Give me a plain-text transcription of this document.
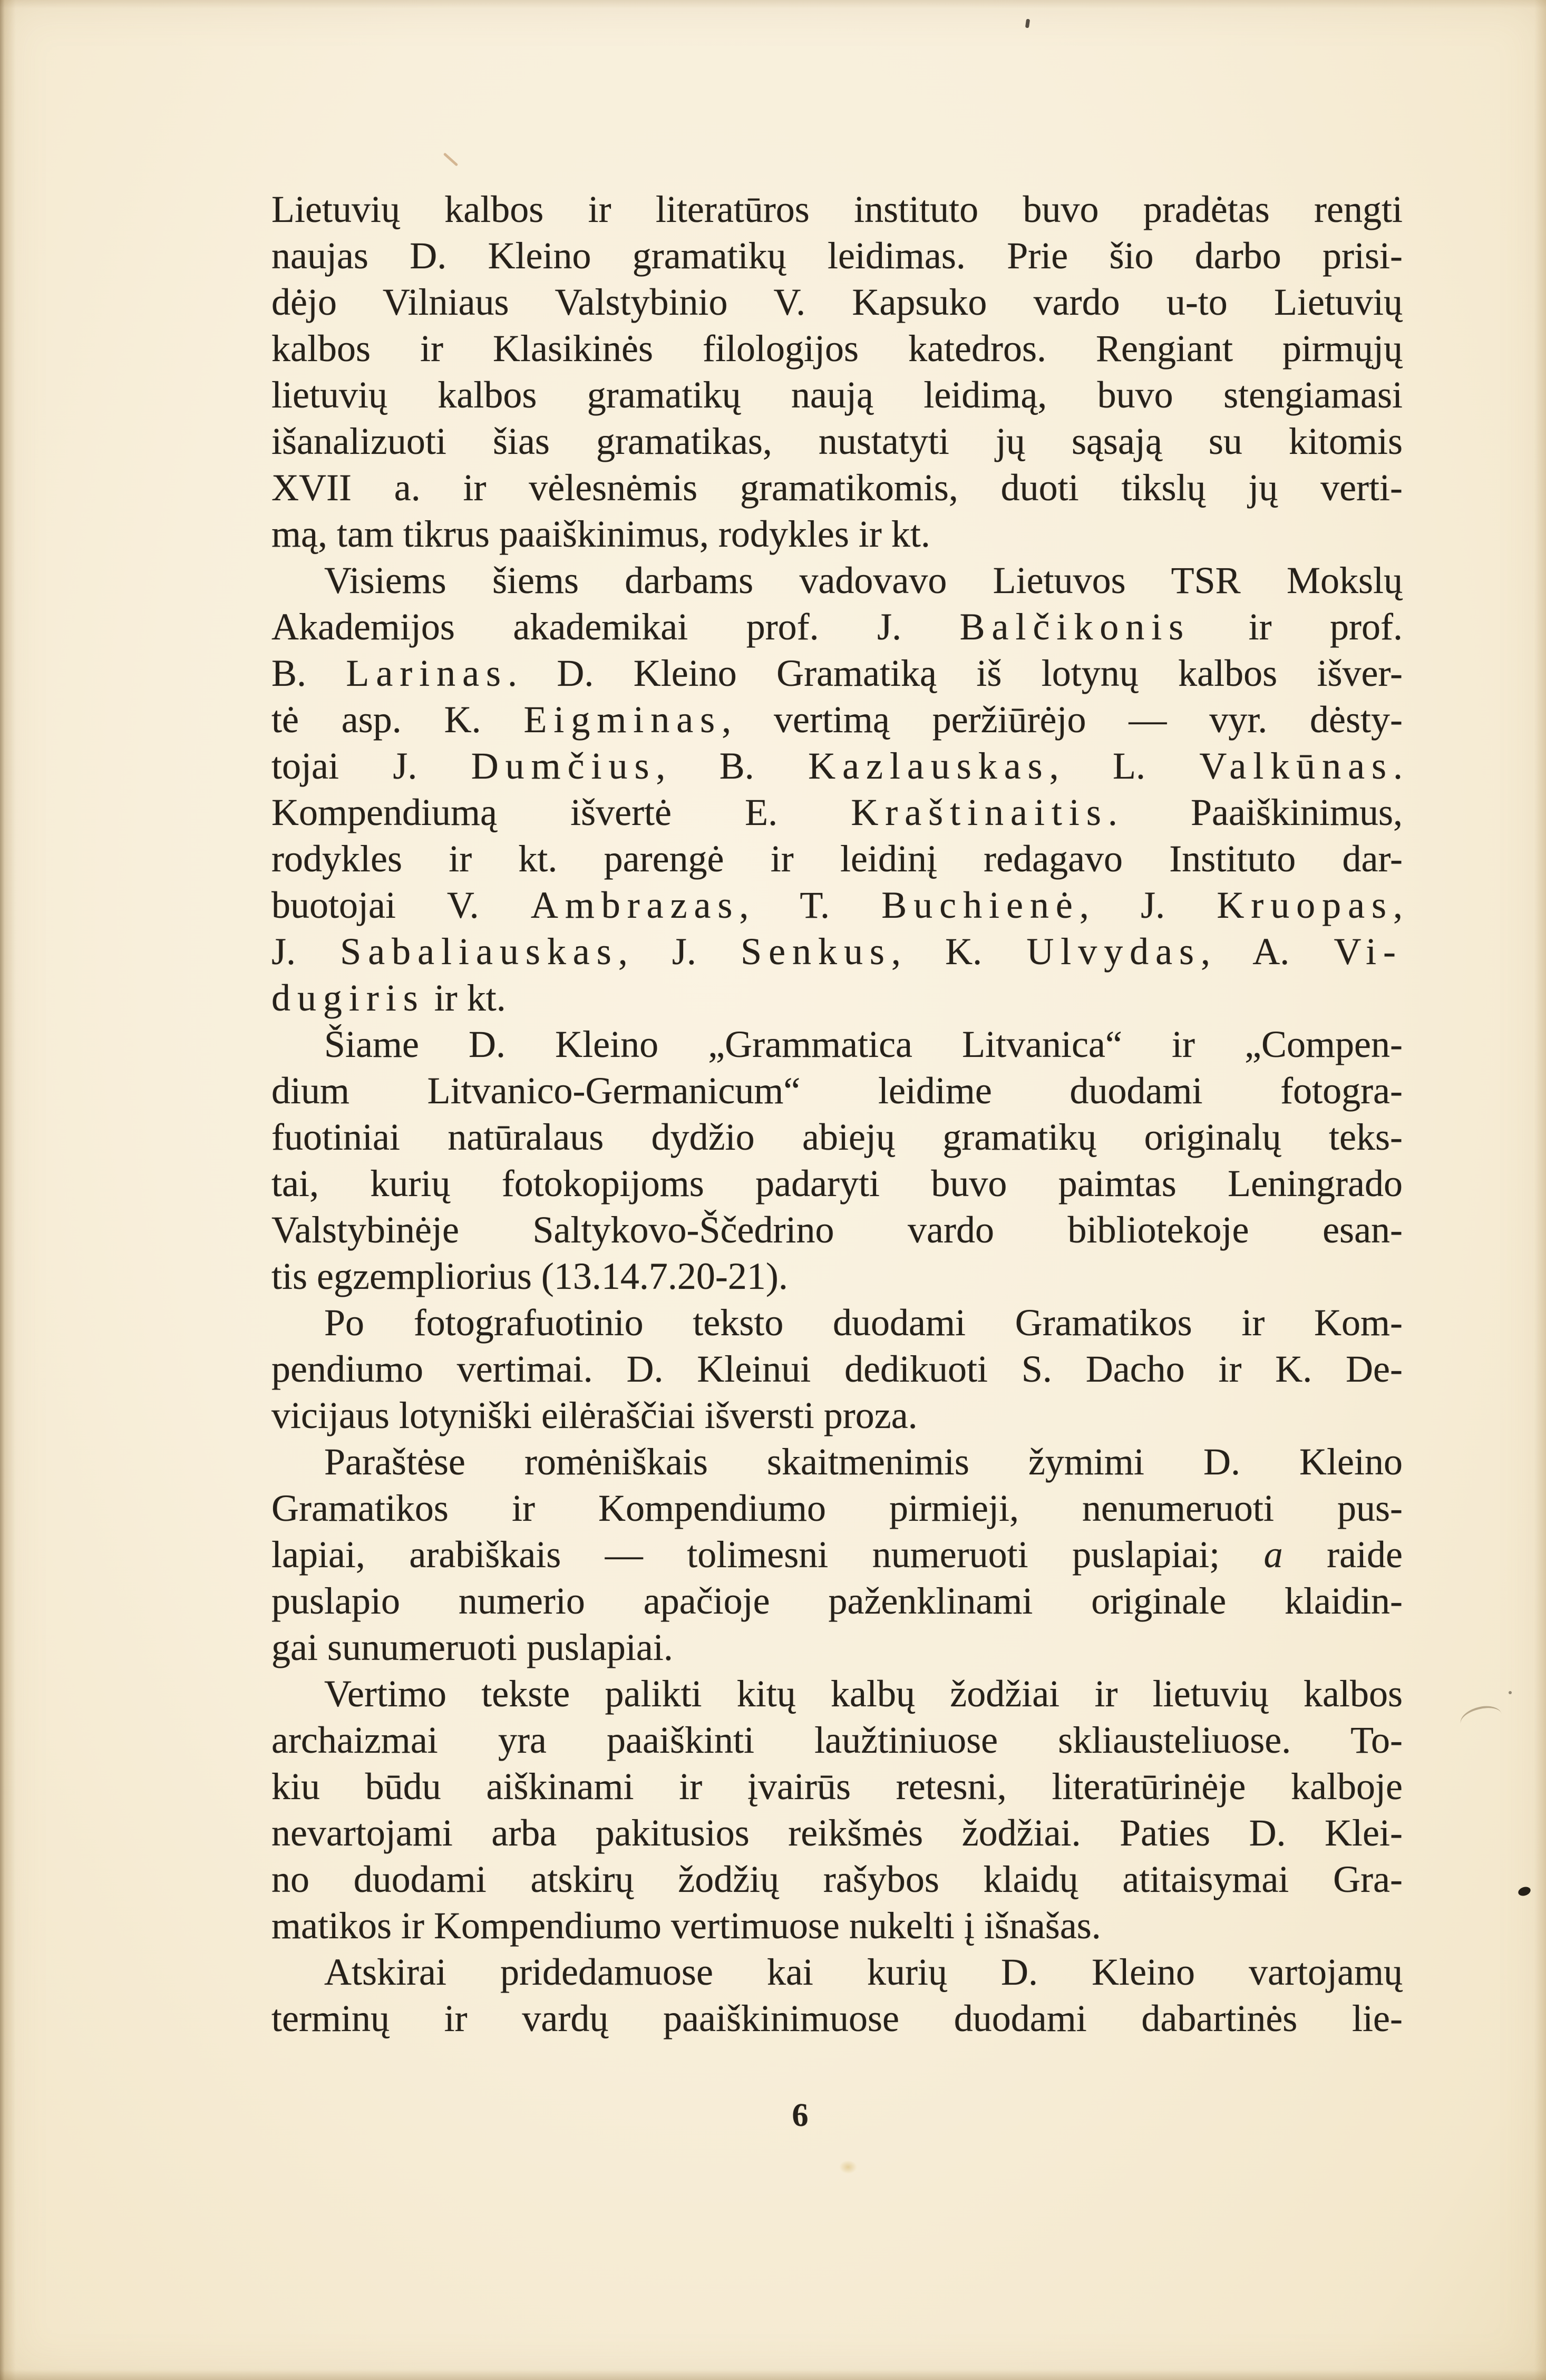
Lietuvių kalbos ir literatūros instituto buvo pradėtas rengti
naujas D. Kleino gramatikų leidimas. Prie šio darbo prisi-
dėjo Vilniaus Valstybinio V. Kapsuko vardo u-to Lietuvių
kalbos ir Klasikinės filologijos katedros. Rengiant pirmųjų
lietuvių kalbos gramatikų naują leidimą, buvo stengiamasi
išanalizuoti šias gramatikas, nustatyti jų sąsają su kitomis
XVII a. ir vėlesnėmis gramatikomis, duoti tikslų jų verti-
mą, tam tikrus paaiškinimus, rodykles ir kt.
Visiems šiems darbams vadovavo Lietuvos TSR Mokslų
Akademijos akademikai prof. J. Balčikonis ir prof.
B. Larinas. D. Kleino Gramatiką iš lotynų kalbos išver-
tė asp. K. Eigminas, vertimą peržiūrėjo — vyr. dėsty-
tojai J. Dumčius, B. Kazlauskas, L. Valkūnas.
Kompendiumą išvertė E. Kraštinaitis. Paaiškinimus,
rodykles ir kt. parengė ir leidinį redagavo Instituto dar-
buotojai V. Ambrazas, T. Buchienė, J. Kruopas,
J. Sabaliauskas, J. Senkus, K. Ulvydas, A. Vi-
dugiris ir kt.
Šiame D. Kleino „Grammatica Litvanica“ ir „Compen-
dium Litvanico-Germanicum“ leidime duodami fotogra-
fuotiniai natūralaus dydžio abiejų gramatikų originalų teks-
tai, kurių fotokopijoms padaryti buvo paimtas Leningrado
Valstybinėje Saltykovo-Ščedrino vardo bibliotekoje esan-
tis egzempliorius (13.14.7.20-21).
Po fotografuotinio teksto duodami Gramatikos ir Kom-
pendiumo vertimai. D. Kleinui dedikuoti S. Dacho ir K. De-
vicijaus lotyniški eilėraščiai išversti proza.
Paraštėse romėniškais skaitmenimis žymimi D. Kleino
Gramatikos ir Kompendiumo pirmieji, nenumeruoti pus-
lapiai, arabiškais — tolimesni numeruoti puslapiai; a raide
puslapio numerio apačioje paženklinami originale klaidin-
gai sunumeruoti puslapiai.
Vertimo tekste palikti kitų kalbų žodžiai ir lietuvių kalbos
archaizmai yra paaiškinti laužtiniuose skliausteliuose. To-
kiu būdu aiškinami ir įvairūs retesni, literatūrinėje kalboje
nevartojami arba pakitusios reikšmės žodžiai. Paties D. Klei-
no duodami atskirų žodžių rašybos klaidų atitaisymai Gra-
matikos ir Kompendiumo vertimuose nukelti į išnašas.
Atskirai pridedamuose kai kurių D. Kleino vartojamų
terminų ir vardų paaiškinimuose duodami dabartinės lie-
6
